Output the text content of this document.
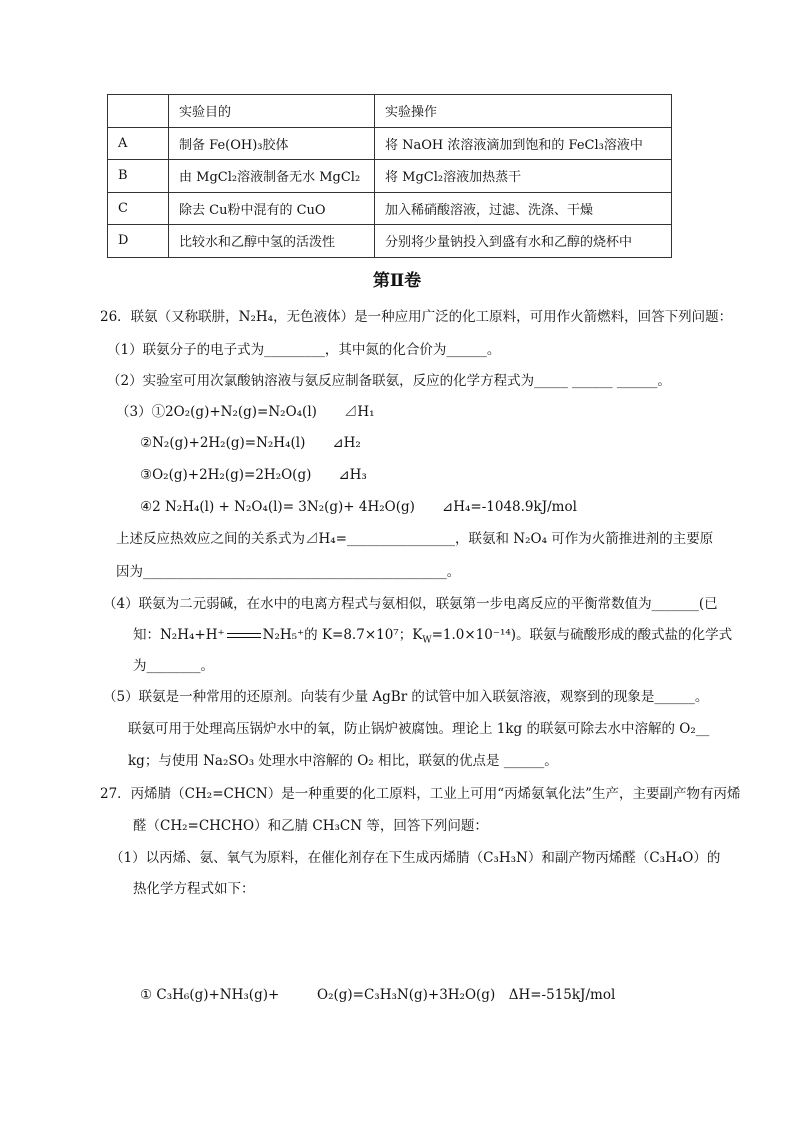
	实验目的	实验操作
A	制备 Fe(OH)₃胶体	将 NaOH 浓溶液滴加到饱和的 FeCl₃溶液中
B	由 MgCl₂溶液制备无水 MgCl₂	将 MgCl₂溶液加热蒸干
C	除去 Cu粉中混有的 CuO	加入稀硝酸溶液，过滤、洗涤、干燥
D	比较水和乙醇中氢的活泼性	分别将少量钠投入到盛有水和乙醇的烧杯中
第Ⅱ卷
26．联氨（又称联肼，N₂H₄，无色液体）是一种应用广泛的化工原料，可用作火箭燃料，回答下列问题：
（1）联氨分子的电子式为_________，其中氮的化合价为______。
（2）实验室可用次氯酸钠溶液与氨反应制备联氨，反应的化学方程式为_____ ______ ______。
（3）①2O₂(g)+N₂(g)=N₂O₄(l)　　⊿H₁
②N₂(g)+2H₂(g)=N₂H₄(l)　　⊿H₂
③O₂(g)+2H₂(g)=2H₂O(g)　　⊿H₃
④2 N₂H₄(l) + N₂O₄(l)= 3N₂(g)+ 4H₂O(g)　　⊿H₄=-1048.9kJ/mol
上述反应热效应之间的关系式为⊿H₄=________________，联氨和 N₂O₄ 可作为火箭推进剂的主要原
因为_____________________________________________。
（4）联氨为二元弱碱，在水中的电离方程式与氨相似，联氨第一步电离反应的平衡常数值为_______(已
知：N₂H₄+H⁺	N₂H₅⁺的 K=8.7×10⁷；$K_W=1.0\times 10^{-14}$)。联氨与硫酸形成的酸式盐的化学式
为________。
（5）联氨是一种常用的还原剂。向装有少量 AgBr 的试管中加入联氨溶液，观察到的现象是______。
联氨可用于处理高压锅炉水中的氧，防止锅炉被腐蚀。理论上 1kg 的联氨可除去水中溶解的 O₂__
kg；与使用 Na₂SO₃ 处理水中溶解的 O₂ 相比，联氨的优点是 ______。
27．丙烯腈（CH₂=CHCN）是一种重要的化工原料，工业上可用“丙烯氨氧化法”生产，主要副产物有丙烯
醛（CH₂=CHCHO）和乙腈 CH₃CN 等，回答下列问题：
（1）以丙烯、氨、氧气为原料，在催化剂存在下生成丙烯腈（C₃H₃N）和副产物丙烯醛（C₃H₄O）的
热化学方程式如下：
① C₃H₆(g)+NH₃(g)+	O₂(g)=C₃H₃N(g)+3H₂O(g)　ΔH=-515kJ/mol
